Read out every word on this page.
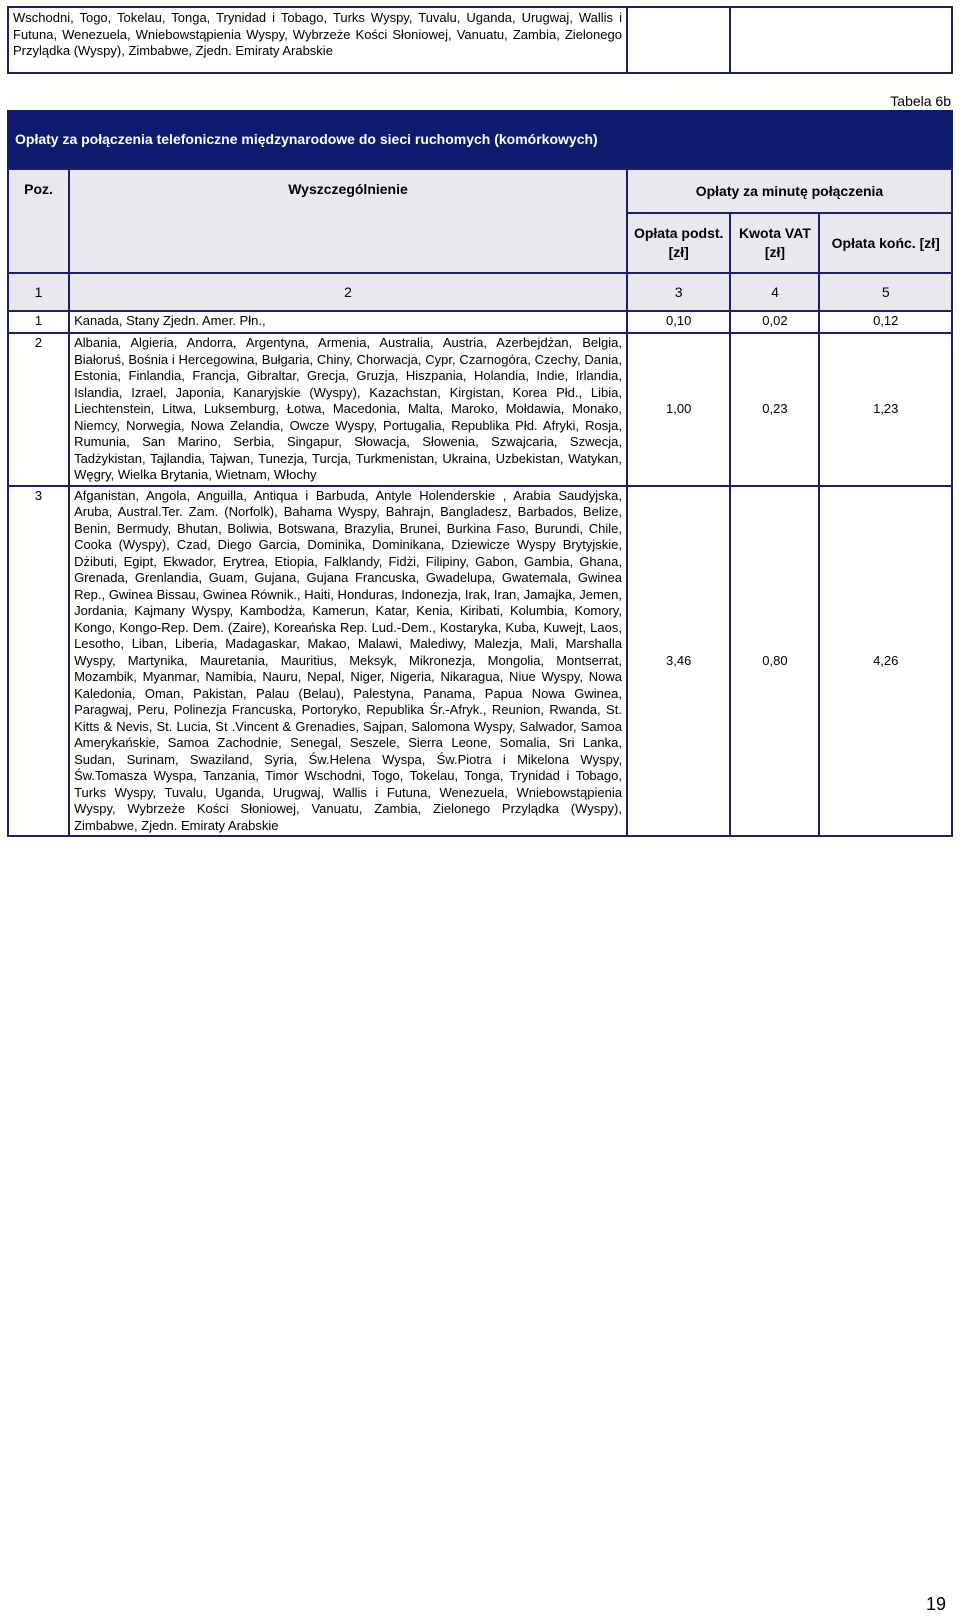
Wschodni, Togo, Tokelau, Tonga, Trynidad i Tobago, Turks Wyspy, Tuvalu, Uganda, Urugwaj, Wallis i Futuna, Wenezuela, Wniebowstąpienia Wyspy, Wybrzeże Kości Słoniowej, Vanuatu, Zambia, Zielonego Przylądka (Wyspy), Zimbabwe, Zjedn. Emiraty Arabskie		
Tabela 6b
Opłaty za połączenia telefoniczne międzynarodowe do sieci ruchomych (komórkowych)
Poz.	Wyszczególnienie	Opłaty za minutę połączenia		
		Opłata podst. [zł]	Kwota VAT [zł]	Opłata końc. [zł]
1	2	3	4	5
1	Kanada, Stany Zjedn. Amer. Płn.,	0,10	0,02	0,12
2	Albania, Algieria, Andorra, Argentyna, Armenia, Australia, Austria, Azerbejdżan, Belgia, Białoruś, Bośnia i Hercegowina, Bułgaria, Chiny, Chorwacja, Cypr, Czarnogóra, Czechy, Dania, Estonia, Finlandia, Francja, Gibraltar, Grecja, Gruzja, Hiszpania, Holandia, Indie, Irlandia, Islandia, Izrael, Japonia, Kanaryjskie (Wyspy), Kazachstan, Kirgistan, Korea Płd., Libia, Liechtenstein, Litwa, Luksemburg, Łotwa, Macedonia, Malta, Maroko, Mołdawia, Monako, Niemcy, Norwegia, Nowa Zelandia, Owcze Wyspy, Portugalia, Republika Płd. Afryki, Rosja, Rumunia, San Marino, Serbia, Singapur, Słowacja, Słowenia, Szwajcaria, Szwecja, Tadżykistan, Tajlandia, Tajwan, Tunezja, Turcja, Turkmenistan, Ukraina, Uzbekistan, Watykan, Węgry, Wielka Brytania, Wietnam, Włochy	1,00	0,23	1,23
3	Afganistan, Angola, Anguilla, Antiqua i Barbuda, Antyle Holenderskie , Arabia Saudyjska, Aruba, Austral.Ter. Zam. (Norfolk), Bahama Wyspy, Bahrajn, Bangladesz, Barbados, Belize, Benin, Bermudy, Bhutan, Boliwia, Botswana, Brazylia, Brunei, Burkina Faso, Burundi, Chile, Cooka (Wyspy), Czad, Diego Garcia, Dominika, Dominikana, Dziewicze Wyspy Brytyjskie, Dżibuti, Egipt, Ekwador, Erytrea, Etiopia, Falklandy, Fidżi, Filipiny, Gabon, Gambia, Ghana, Grenada, Grenlandia, Guam, Gujana, Gujana Francuska, Gwadelupa, Gwatemala, Gwinea Rep., Gwinea Bissau, Gwinea Równik., Haiti, Honduras, Indonezja, Irak, Iran, Jamajka, Jemen, Jordania, Kajmany Wyspy, Kambodża, Kamerun, Katar, Kenia, Kiribati, Kolumbia, Komory, Kongo, Kongo-Rep. Dem. (Zaire), Koreańska Rep. Lud.-Dem., Kostaryka, Kuba, Kuwejt, Laos, Lesotho, Liban, Liberia, Madagaskar, Makao, Malawi, Malediwy, Malezja, Mali, Marshalla Wyspy, Martynika, Mauretania, Mauritius, Meksyk, Mikronezja, Mongolia, Montserrat, Mozambik, Myanmar, Namibia, Nauru, Nepal, Niger, Nigeria, Nikaragua, Niue Wyspy, Nowa Kaledonia, Oman, Pakistan, Palau (Belau), Palestyna, Panama, Papua Nowa Gwinea, Paragwaj, Peru, Polinezja Francuska, Portoryko, Republika Śr.-Afryk., Reunion, Rwanda, St. Kitts & Nevis, St. Lucia, St .Vincent & Grenadies, Sajpan, Salomona Wyspy, Salwador, Samoa Amerykańskie, Samoa Zachodnie, Senegal, Seszele, Sierra Leone, Somalia, Sri Lanka, Sudan, Surinam, Swaziland, Syria, Św.Helena Wyspa, Św.Piotra i Mikelona Wyspy, Św.Tomasza Wyspa, Tanzania, Timor Wschodni, Togo, Tokelau, Tonga, Trynidad i Tobago, Turks Wyspy, Tuvalu, Uganda, Urugwaj, Wallis i Futuna, Wenezuela, Wniebowstąpienia Wyspy, Wybrzeże Kości Słoniowej, Vanuatu, Zambia, Zielonego Przylądka (Wyspy), Zimbabwe, Zjedn. Emiraty Arabskie	3,46	0,80	4,26
19
